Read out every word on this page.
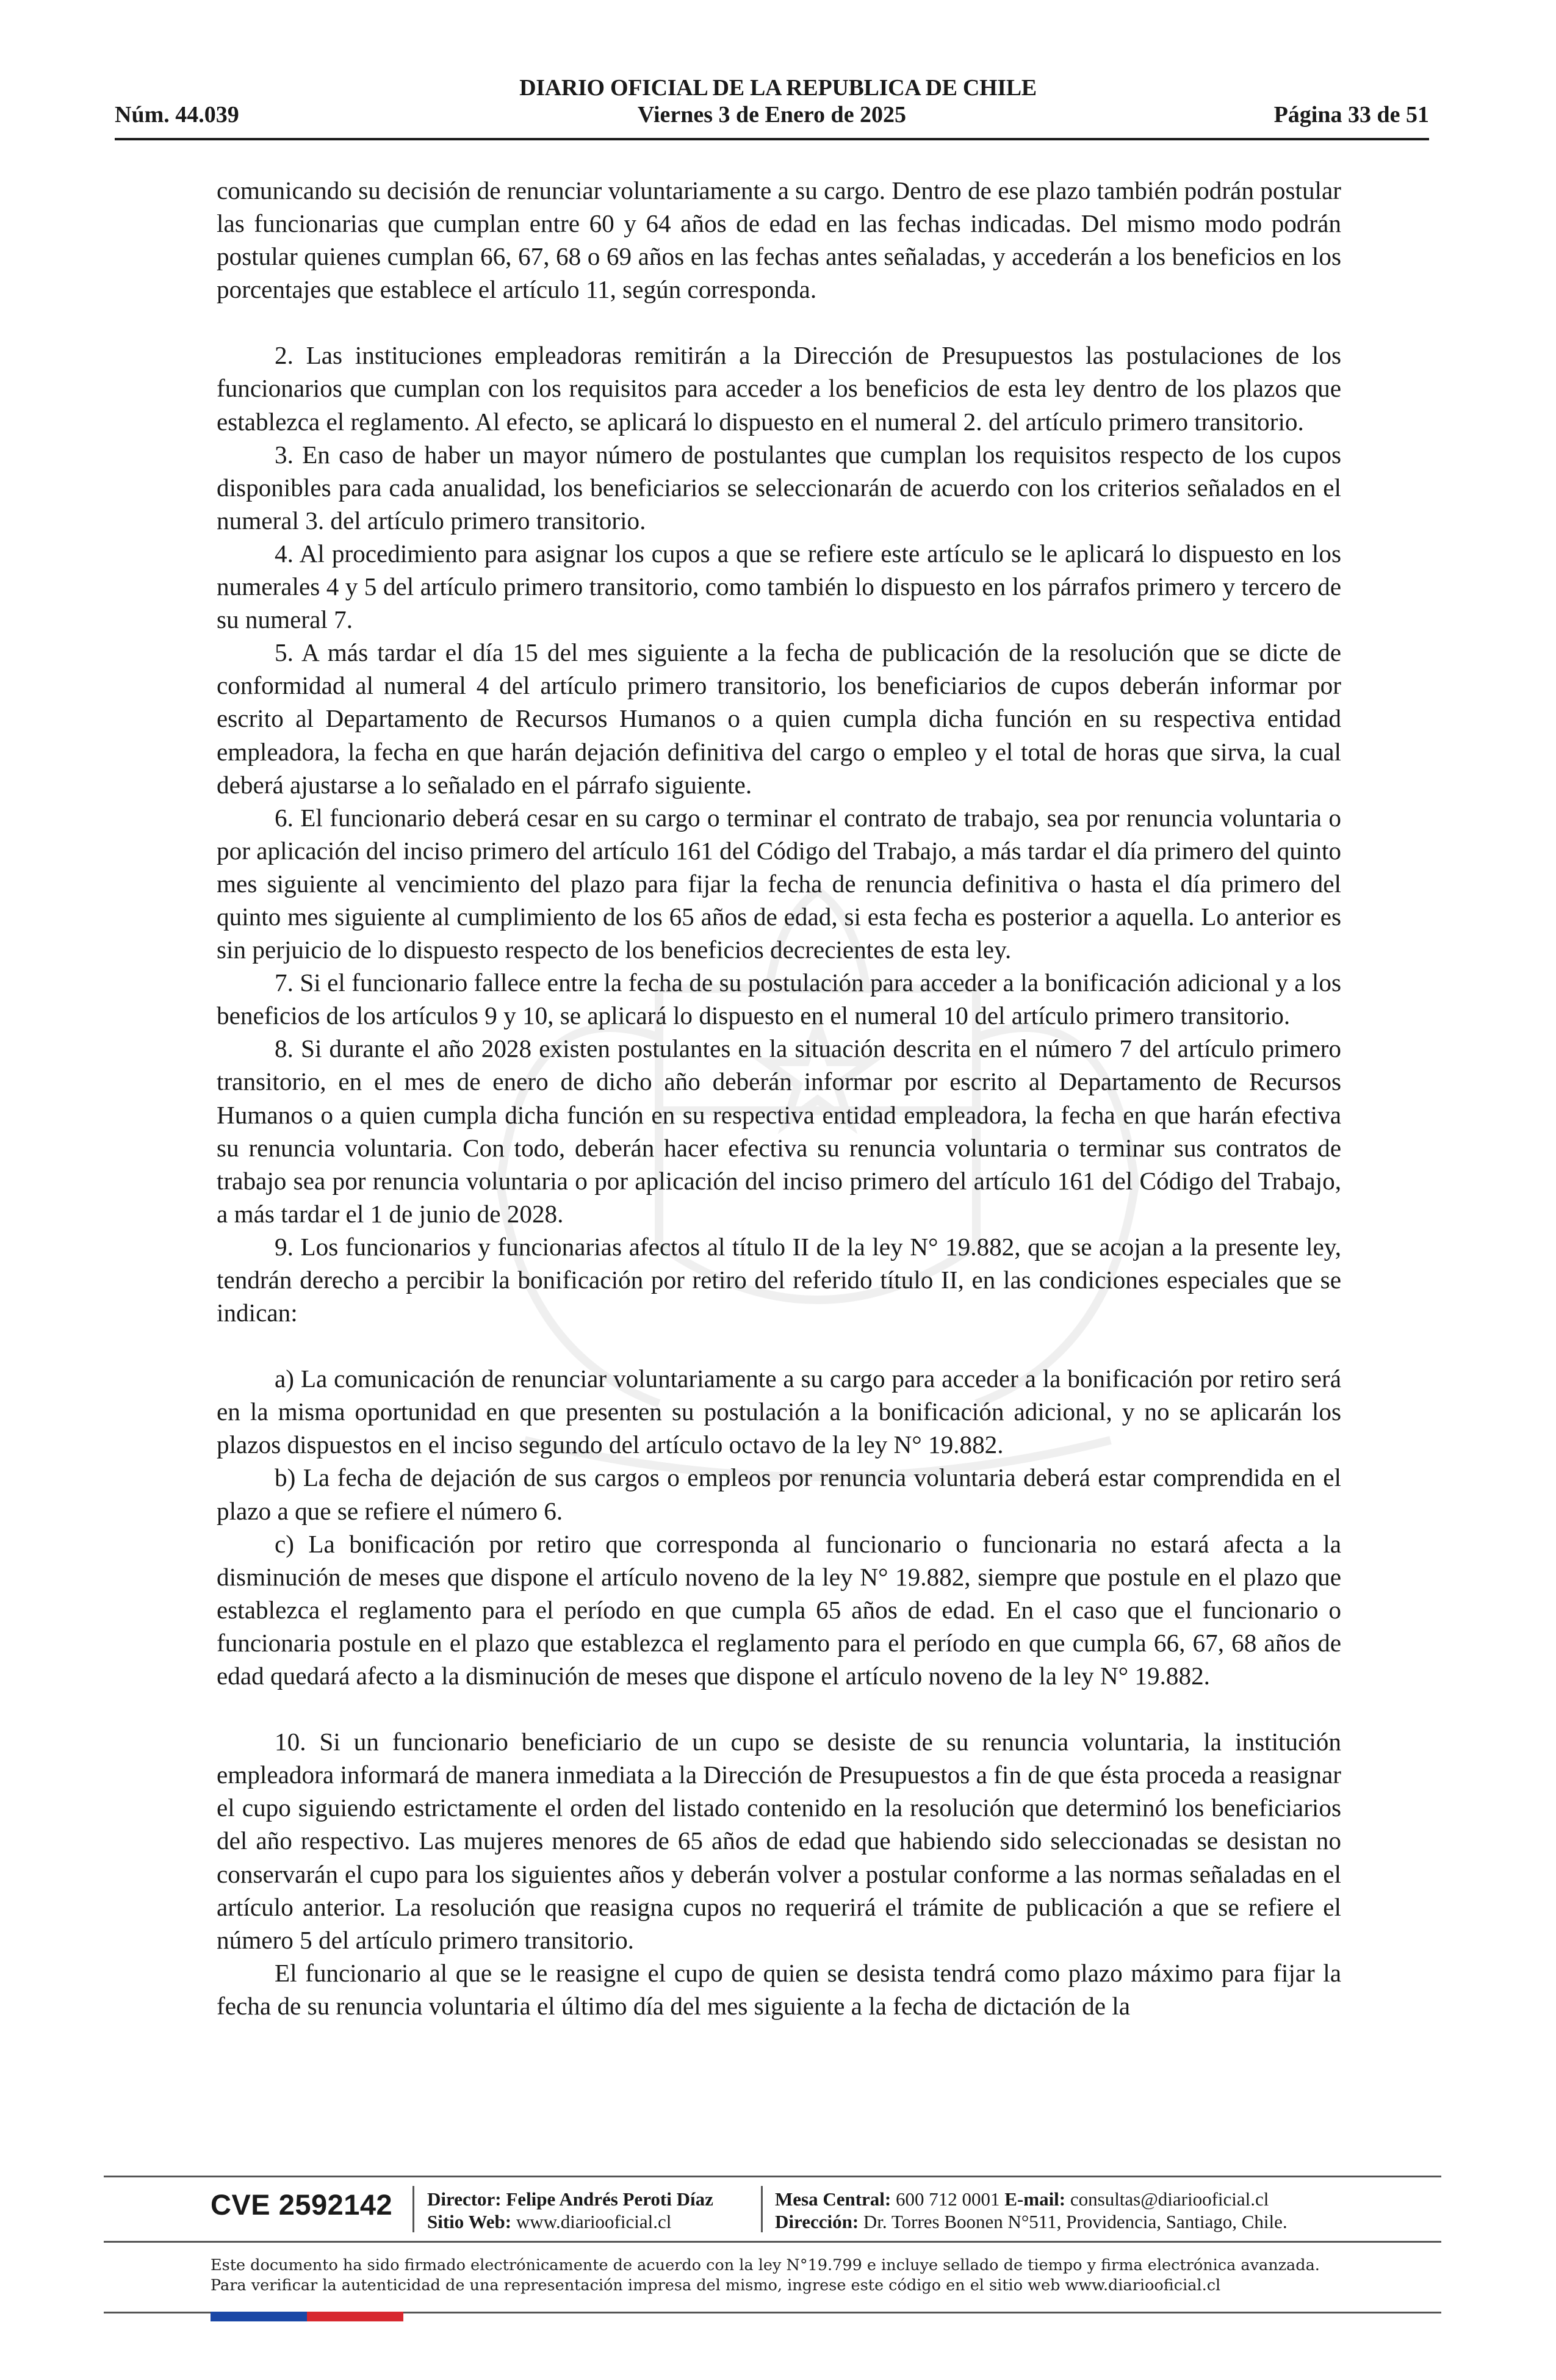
DIARIO OFICIAL DE LA REPUBLICA DE CHILE
Núm. 44.039	Viernes 3 de Enero de 2025	Página 33 de 51

comunicando su decisión de renunciar voluntariamente a su cargo. Dentro de ese plazo también podrán postular las funcionarias que cumplan entre 60 y 64 años de edad en las fechas indicadas. Del mismo modo podrán postular quienes cumplan 66, 67, 68 o 69 años en las fechas antes señaladas, y accederán a los beneficios en los porcentajes que establece el artículo 11, según corresponda.

2. Las instituciones empleadoras remitirán a la Dirección de Presupuestos las postulaciones de los funcionarios que cumplan con los requisitos para acceder a los beneficios de esta ley dentro de los plazos que establezca el reglamento. Al efecto, se aplicará lo dispuesto en el numeral 2. del artículo primero transitorio.

3. En caso de haber un mayor número de postulantes que cumplan los requisitos respecto de los cupos disponibles para cada anualidad, los beneficiarios se seleccionarán de acuerdo con los criterios señalados en el numeral 3. del artículo primero transitorio.

4. Al procedimiento para asignar los cupos a que se refiere este artículo se le aplicará lo dispuesto en los numerales 4 y 5 del artículo primero transitorio, como también lo dispuesto en los párrafos primero y tercero de su numeral 7.

5. A más tardar el día 15 del mes siguiente a la fecha de publicación de la resolución que se dicte de conformidad al numeral 4 del artículo primero transitorio, los beneficiarios de cupos deberán informar por escrito al Departamento de Recursos Humanos o a quien cumpla dicha función en su respectiva entidad empleadora, la fecha en que harán dejación definitiva del cargo o empleo y el total de horas que sirva, la cual deberá ajustarse a lo señalado en el párrafo siguiente.

6. El funcionario deberá cesar en su cargo o terminar el contrato de trabajo, sea por renuncia voluntaria o por aplicación del inciso primero del artículo 161 del Código del Trabajo, a más tardar el día primero del quinto mes siguiente al vencimiento del plazo para fijar la fecha de renuncia definitiva o hasta el día primero del quinto mes siguiente al cumplimiento de los 65 años de edad, si esta fecha es posterior a aquella. Lo anterior es sin perjuicio de lo dispuesto respecto de los beneficios decrecientes de esta ley.

7. Si el funcionario fallece entre la fecha de su postulación para acceder a la bonificación adicional y a los beneficios de los artículos 9 y 10, se aplicará lo dispuesto en el numeral 10 del artículo primero transitorio.

8. Si durante el año 2028 existen postulantes en la situación descrita en el número 7 del artículo primero transitorio, en el mes de enero de dicho año deberán informar por escrito al Departamento de Recursos Humanos o a quien cumpla dicha función en su respectiva entidad empleadora, la fecha en que harán efectiva su renuncia voluntaria. Con todo, deberán hacer efectiva su renuncia voluntaria o terminar sus contratos de trabajo sea por renuncia voluntaria o por aplicación del inciso primero del artículo 161 del Código del Trabajo, a más tardar el 1 de junio de 2028.

9. Los funcionarios y funcionarias afectos al título II de la ley N° 19.882, que se acojan a la presente ley, tendrán derecho a percibir la bonificación por retiro del referido título II, en las condiciones especiales que se indican:

a) La comunicación de renunciar voluntariamente a su cargo para acceder a la bonificación por retiro será en la misma oportunidad en que presenten su postulación a la bonificación adicional, y no se aplicarán los plazos dispuestos en el inciso segundo del artículo octavo de la ley N° 19.882.

b) La fecha de dejación de sus cargos o empleos por renuncia voluntaria deberá estar comprendida en el plazo a que se refiere el número 6.

c) La bonificación por retiro que corresponda al funcionario o funcionaria no estará afecta a la disminución de meses que dispone el artículo noveno de la ley N° 19.882, siempre que postule en el plazo que establezca el reglamento para el período en que cumpla 65 años de edad. En el caso que el funcionario o funcionaria postule en el plazo que establezca el reglamento para el período en que cumpla 66, 67, 68 años de edad quedará afecto a la disminución de meses que dispone el artículo noveno de la ley N° 19.882.

10. Si un funcionario beneficiario de un cupo se desiste de su renuncia voluntaria, la institución empleadora informará de manera inmediata a la Dirección de Presupuestos a fin de que ésta proceda a reasignar el cupo siguiendo estrictamente el orden del listado contenido en la resolución que determinó los beneficiarios del año respectivo. Las mujeres menores de 65 años de edad que habiendo sido seleccionadas se desistan no conservarán el cupo para los siguientes años y deberán volver a postular conforme a las normas señaladas en el artículo anterior. La resolución que reasigna cupos no requerirá el trámite de publicación a que se refiere el número 5 del artículo primero transitorio.

El funcionario al que se le reasigne el cupo de quien se desista tendrá como plazo máximo para fijar la fecha de su renuncia voluntaria el último día del mes siguiente a la fecha de dictación de la

CVE 2592142 Director: Felipe Andrés Peroti Díaz
Sitio Web: www.diariooficial.cl
Mesa Central: 600 712 0001 E-mail: consultas@diariooficial.cl
Dirección: Dr. Torres Boonen N°511, Providencia, Santiago, Chile.
Este documento ha sido firmado electrónicamente de acuerdo con la ley N°19.799 e incluye sellado de tiempo y firma electrónica avanzada. Para verificar la autenticidad de una representación impresa del mismo, ingrese este código en el sitio web www.diariooficial.cl
